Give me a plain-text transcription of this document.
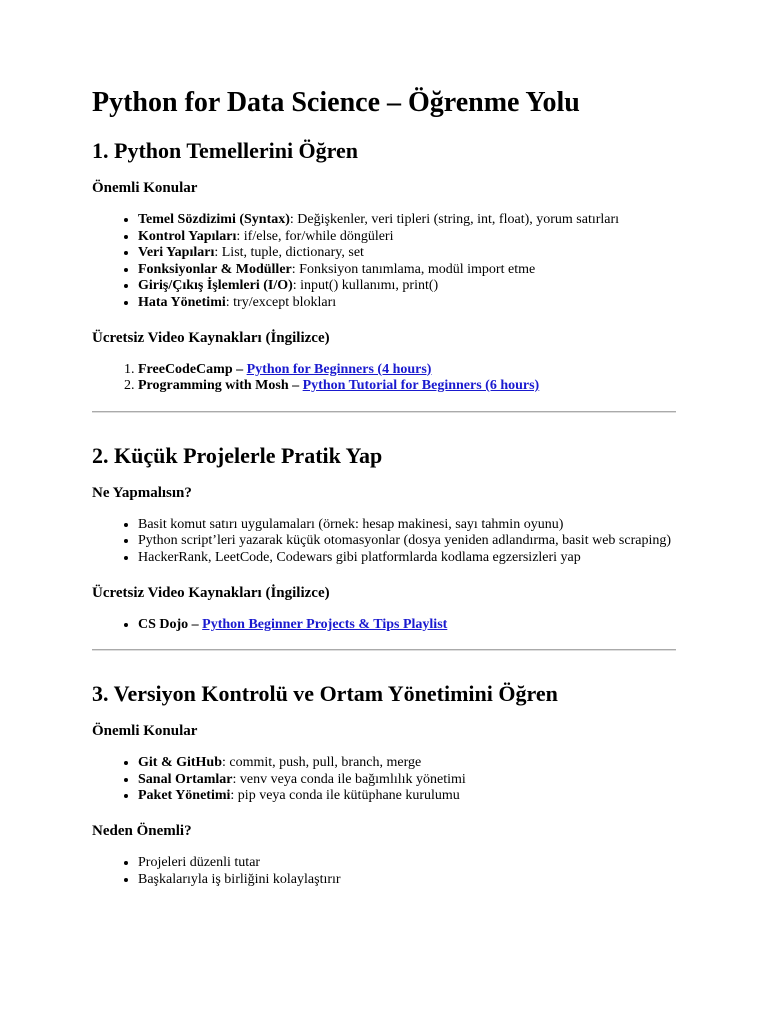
Python for Data Science – Öğrenme Yolu
1. Python Temellerini Öğren
Önemli Konular
• Temel Sözdizimi (Syntax): Değişkenler, veri tipleri (string, int, float), yorum satırları
• Kontrol Yapıları: if/else, for/while döngüleri
• Veri Yapıları: List, tuple, dictionary, set
• Fonksiyonlar & Modüller: Fonksiyon tanımlama, modül import etme
• Giriş/Çıkış İşlemleri (I/O): input() kullanımı, print()
• Hata Yönetimi: try/except blokları
Ücretsiz Video Kaynakları (İngilizce)
1. FreeCodeCamp – Python for Beginners (4 hours)
2. Programming with Mosh – Python Tutorial for Beginners (6 hours)
2. Küçük Projelerle Pratik Yap
Ne Yapmalısın?
• Basit komut satırı uygulamaları (örnek: hesap makinesi, sayı tahmin oyunu)
• Python script’leri yazarak küçük otomasyonlar (dosya yeniden adlandırma, basit web scraping)
• HackerRank, LeetCode, Codewars gibi platformlarda kodlama egzersizleri yap
Ücretsiz Video Kaynakları (İngilizce)
• CS Dojo – Python Beginner Projects & Tips Playlist
3. Versiyon Kontrolü ve Ortam Yönetimini Öğren
Önemli Konular
• Git & GitHub: commit, push, pull, branch, merge
• Sanal Ortamlar: venv veya conda ile bağımlılık yönetimi
• Paket Yönetimi: pip veya conda ile kütüphane kurulumu
Neden Önemli?
• Projeleri düzenli tutar
• Başkalarıyla iş birliğini kolaylaştırır
